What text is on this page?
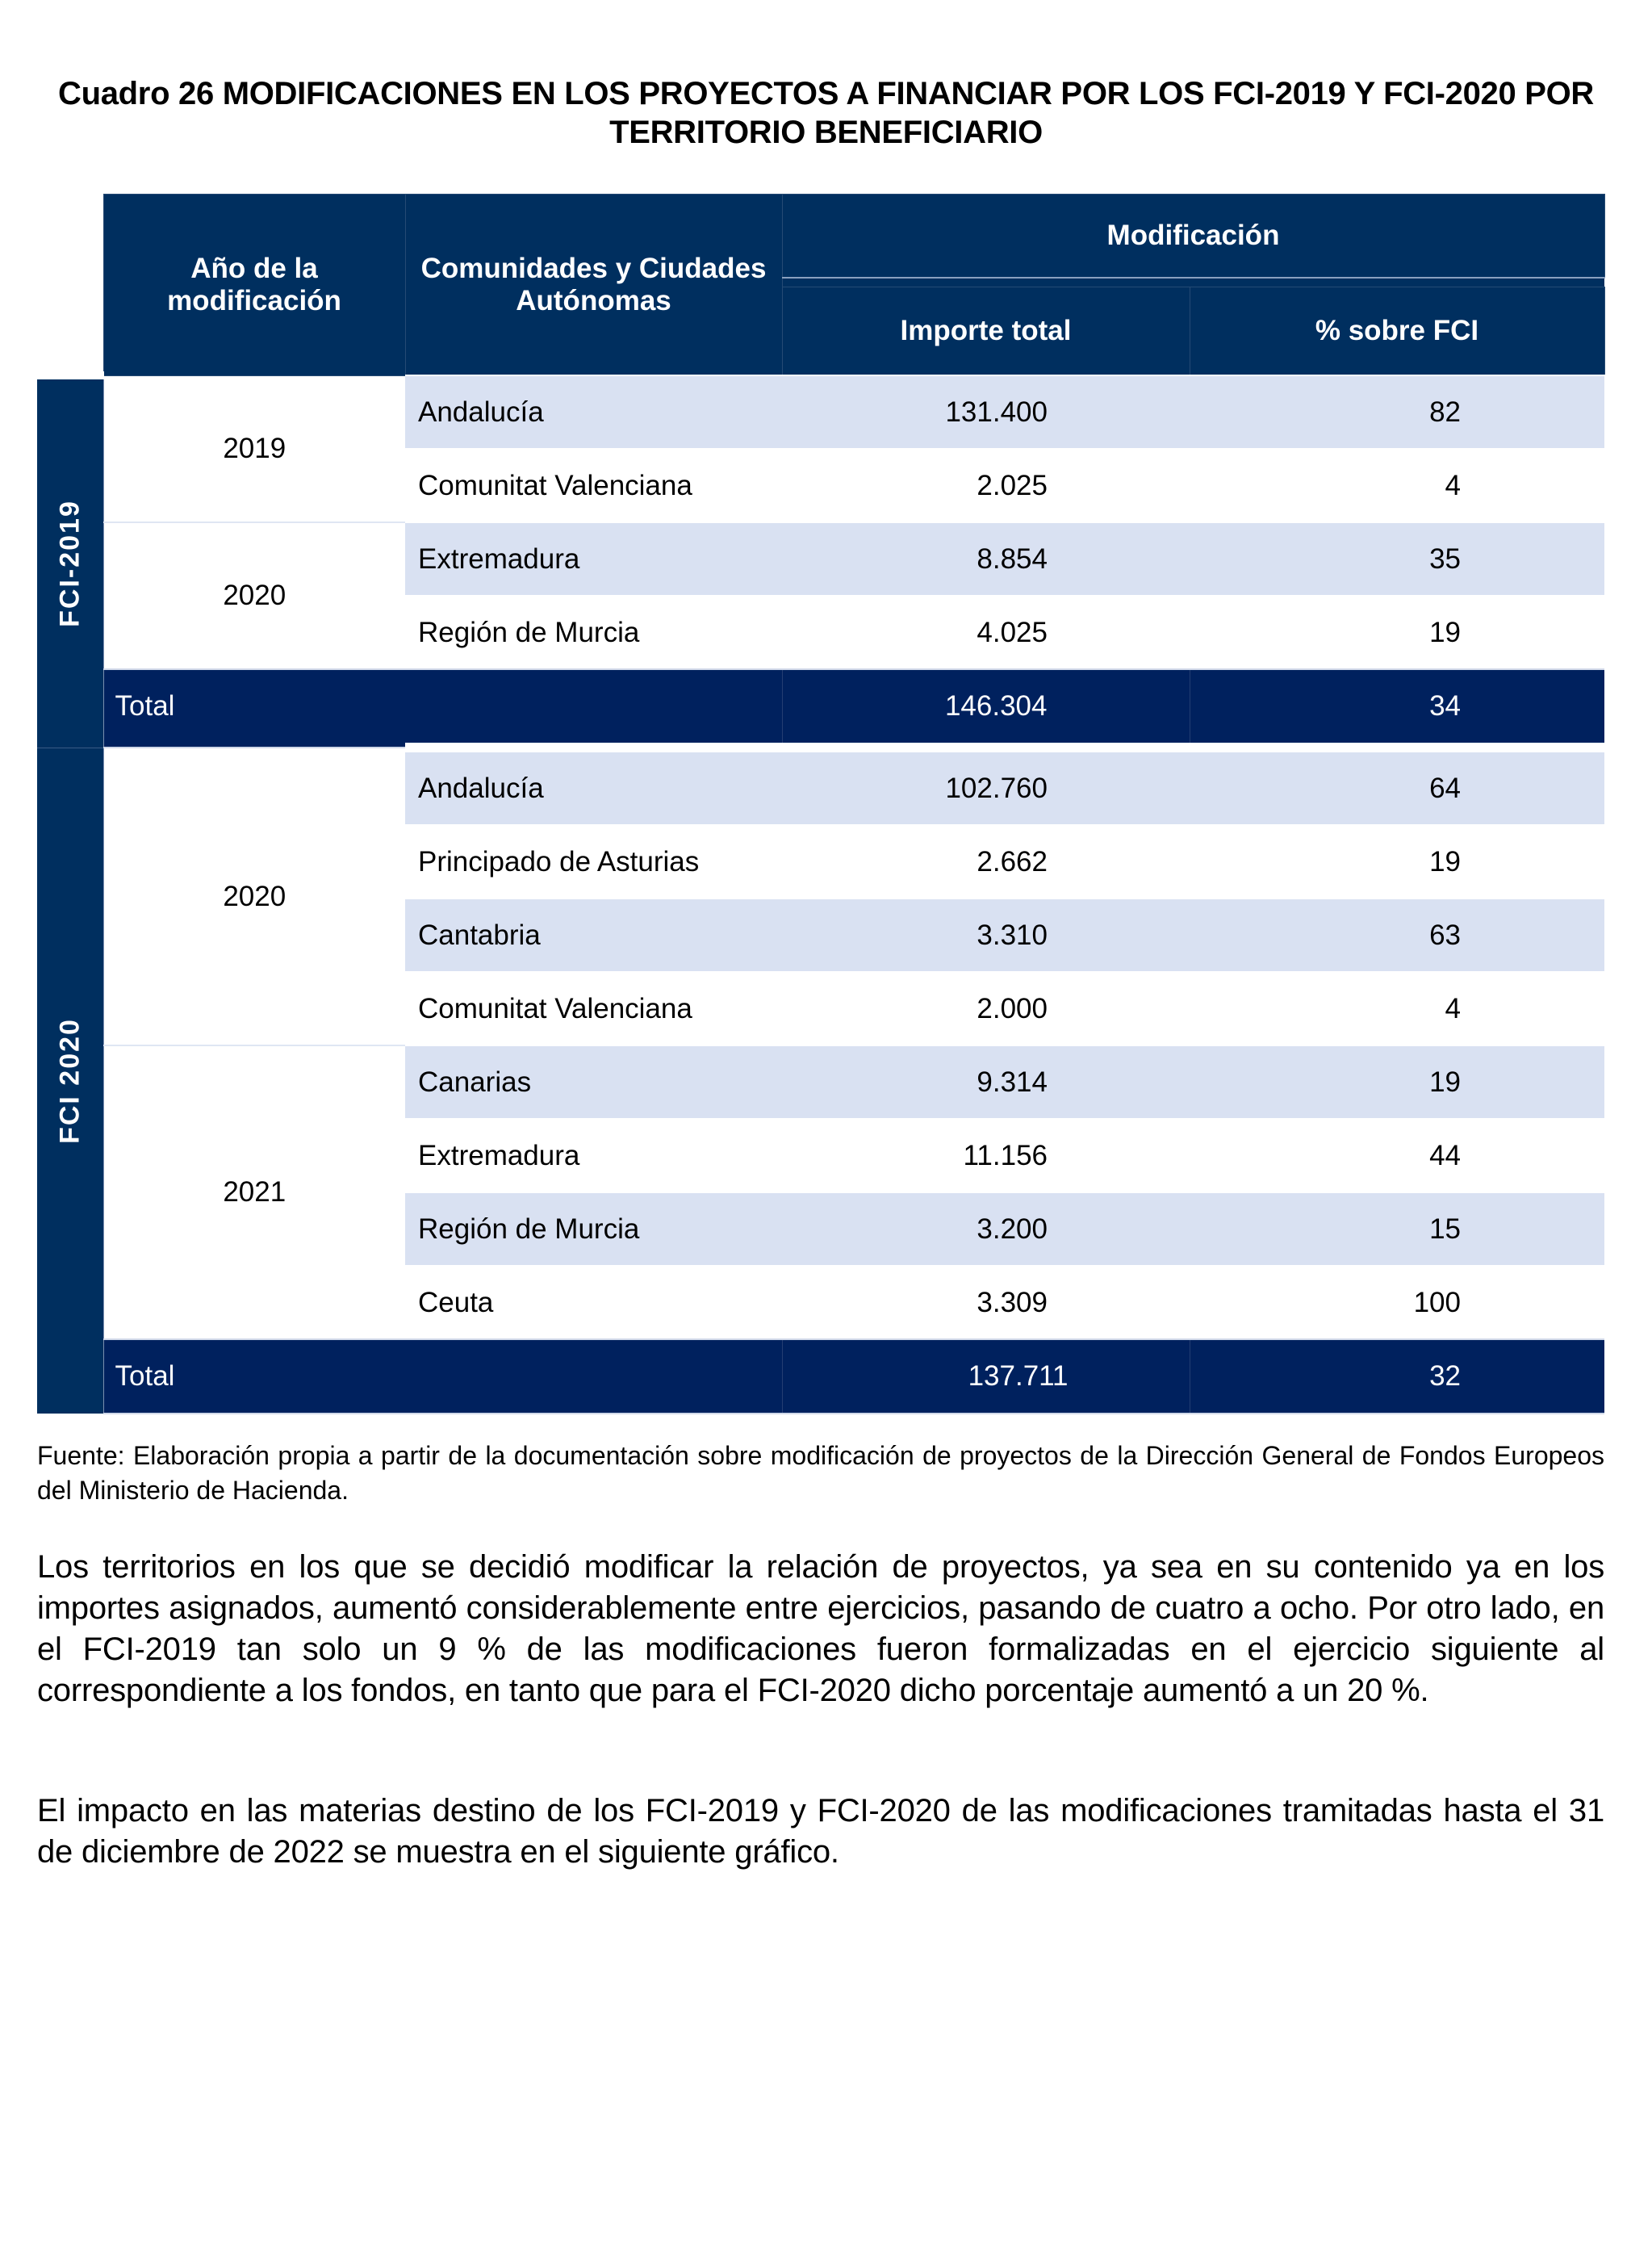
Cuadro 26 MODIFICACIONES EN LOS PROYECTOS A FINANCIAR POR LOS FCI-2019 Y FCI-2020 POR TERRITORIO BENEFICIARIO
	Año de la modificación	Comunidades y Ciudades Autónomas	Modificación	

			Importe total	% sobre FCI

FCI-2019	2019	Andalucía	131.400	82
		Comunitat Valenciana	2.025	4
	2020	Extremadura	8.854	35
		Región de Murcia	4.025	19
	Total		146.304	34

FCI 2020	2020	Andalucía	102.760	64
		Principado de Asturias	2.662	19
		Cantabria	3.310	63
		Comunitat Valenciana	2.000	4
	2021	Canarias	9.314	19
		Extremadura	11.156	44
		Región de Murcia	3.200	15
		Ceuta	3.309	100
	Total		137.711	32
Fuente: Elaboración propia a partir de la documentación sobre modificación de proyectos de la Dirección General de Fondos Europeos del Ministerio de Hacienda.
Los territorios en los que se decidió modificar la relación de proyectos, ya sea en su contenido ya en los importes asignados, aumentó considerablemente entre ejercicios, pasando de cuatro a ocho. Por otro lado, en el FCI-2019 tan solo un 9 % de las modificaciones fueron formalizadas en el ejercicio siguiente al correspondiente a los fondos, en tanto que para el FCI-2020 dicho porcentaje aumentó a un 20 %.
El impacto en las materias destino de los FCI-2019 y FCI-2020 de las modificaciones tramitadas hasta el 31 de diciembre de 2022 se muestra en el siguiente gráfico.
